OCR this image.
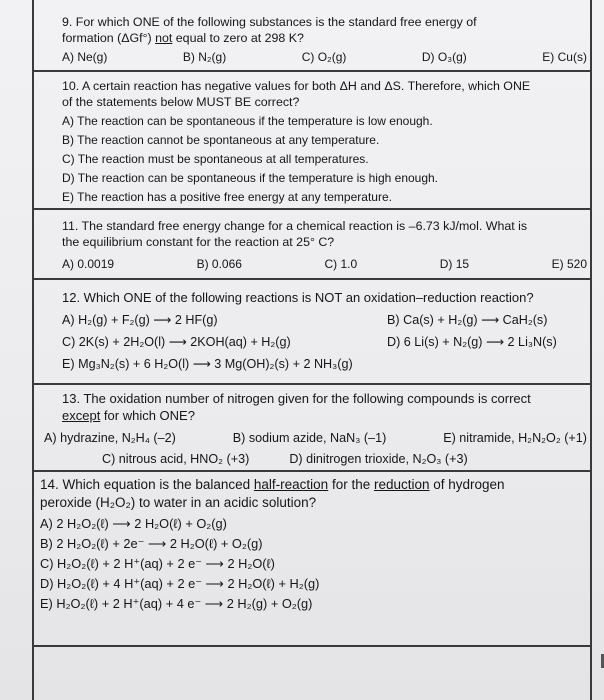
9. For which ONE of the following substances is the standard free energy of
formation (ΔGf°) not equal to zero at 298 K?
A) Ne(g)	B) N₂(g)	C) O₂(g)	D) O₃(g)	E) Cu(s)
10. A certain reaction has negative values for both ΔH and ΔS. Therefore, which ONE
of the statements below MUST BE correct?
A) The reaction can be spontaneous if the temperature is low enough.
B) The reaction cannot be spontaneous at any temperature.
C) The reaction must be spontaneous at all temperatures.
D) The reaction can be spontaneous if the temperature is high enough.
E) The reaction has a positive free energy at any temperature.
11. The standard free energy change for a chemical reaction is –6.73 kJ/mol. What is
the equilibrium constant for the reaction at 25° C?
A) 0.0019	B) 0.066	C) 1.0	D) 15	E) 520
12. Which ONE of the following reactions is NOT an oxidation–reduction reaction?
A) H₂(g) + F₂(g) ⟶ 2 HF(g)	B) Ca(s) + H₂(g) ⟶ CaH₂(s)
C) 2K(s) + 2H₂O(l) ⟶ 2KOH(aq) + H₂(g)	D) 6 Li(s) + N₂(g) ⟶ 2 Li₃N(s)
E) Mg₃N₂(s) + 6 H₂O(l) ⟶ 3 Mg(OH)₂(s) + 2 NH₃(g)
13. The oxidation number of nitrogen given for the following compounds is correct
except for which ONE?
A) hydrazine, N₂H₄ (–2)	B) sodium azide, NaN₃ (–1)	E) nitramide, H₂N₂O₂ (+1)
C) nitrous acid, HNO₂ (+3)	D) dinitrogen trioxide, N₂O₃ (+3)
14. Which equation is the balanced half-reaction for the reduction of hydrogen
peroxide (H₂O₂) to water in an acidic solution?
A) 2 H₂O₂(ℓ) ⟶ 2 H₂O(ℓ) + O₂(g)
B) 2 H₂O₂(ℓ) + 2e⁻ ⟶ 2 H₂O(ℓ) + O₂(g)
C) H₂O₂(ℓ) + 2 H⁺(aq) + 2 e⁻ ⟶ 2 H₂O(ℓ)
D) H₂O₂(ℓ) + 4 H⁺(aq) + 2 e⁻ ⟶ 2 H₂O(ℓ) + H₂(g)
E) H₂O₂(ℓ) + 2 H⁺(aq) + 4 e⁻ ⟶ 2 H₂(g) + O₂(g)
